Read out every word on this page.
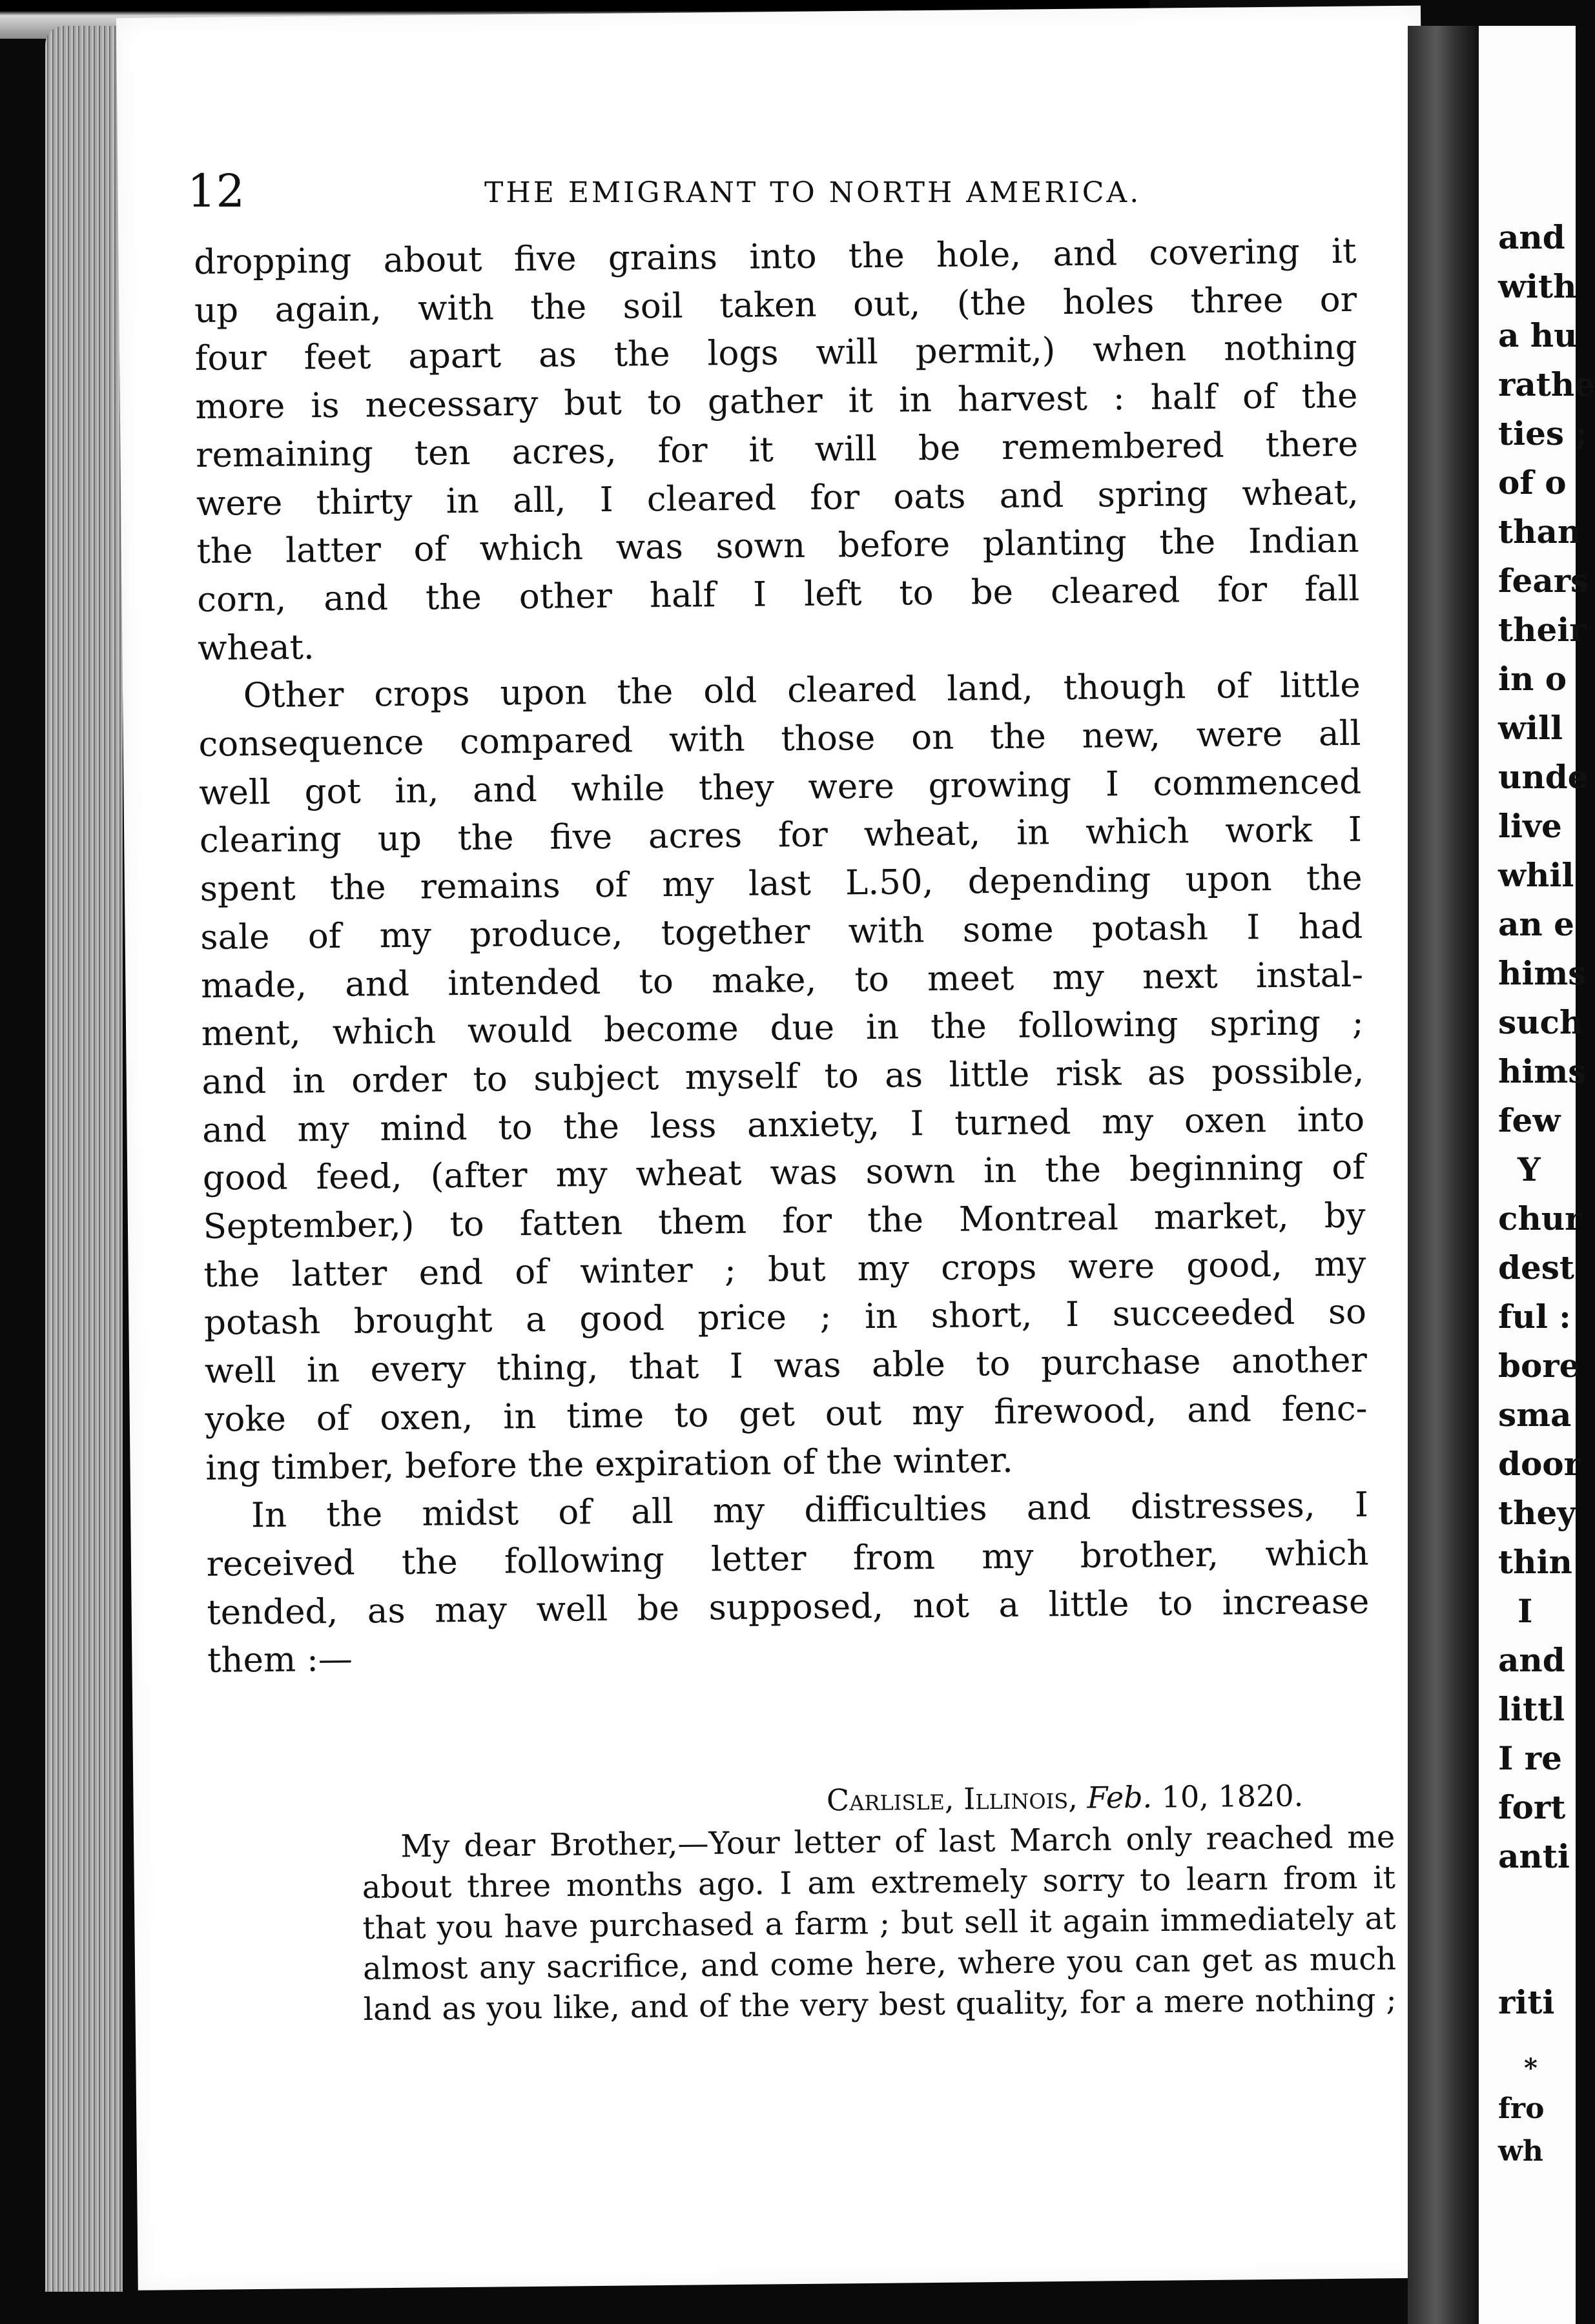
12	THE EMIGRANT TO NORTH AMERICA.
dropping about five grains into the hole, and covering it
up again, with the soil taken out, (the holes three or
four feet apart as the logs will permit,) when nothing
more is necessary but to gather it in harvest : half of the
remaining ten acres, for it will be remembered there
were thirty in all, I cleared for oats and spring wheat,
the latter of which was sown before planting the Indian
corn, and the other half I left to be cleared for fall
wheat.
Other crops upon the old cleared land, though of little
consequence compared with those on the new, were all
well got in, and while they were growing I commenced
clearing up the five acres for wheat, in which work I
spent the remains of my last L.50, depending upon the
sale of my produce, together with some potash I had
made, and intended to make, to meet my next instal-
ment, which would become due in the following spring ;
and in order to subject myself to as little risk as possible,
and my mind to the less anxiety, I turned my oxen into
good feed, (after my wheat was sown in the beginning of
September,) to fatten them for the Montreal market, by
the latter end of winter ; but my crops were good, my
potash brought a good price ; in short, I succeeded so
well in every thing, that I was able to purchase another
yoke of oxen, in time to get out my firewood, and fenc-
ing timber, before the expiration of the winter.
In the midst of all my difficulties and distresses, I
received the following letter from my brother, which
tended, as may well be supposed, not a little to increase
them :—
Carlisle, Illinois, Feb. 10, 1820.
My dear Brother,—Your letter of last March only reached me
about three months ago. I am extremely sorry to learn from it
that you have purchased a farm ; but sell it again immediately at
almost any sacrifice, and come here, where you can get as much
land as you like, and of the very best quality, for a mere nothing ;
and
with
a hu
rathe
ties ;
of o
than
fears
their
in o
will
unde
live
whil
an e
hims
such
hims
few
Y
chur
dest
ful :
bore
sma
door
they
thin
I
and
littl
I re
fort
anti
riti
*
fro
wh
